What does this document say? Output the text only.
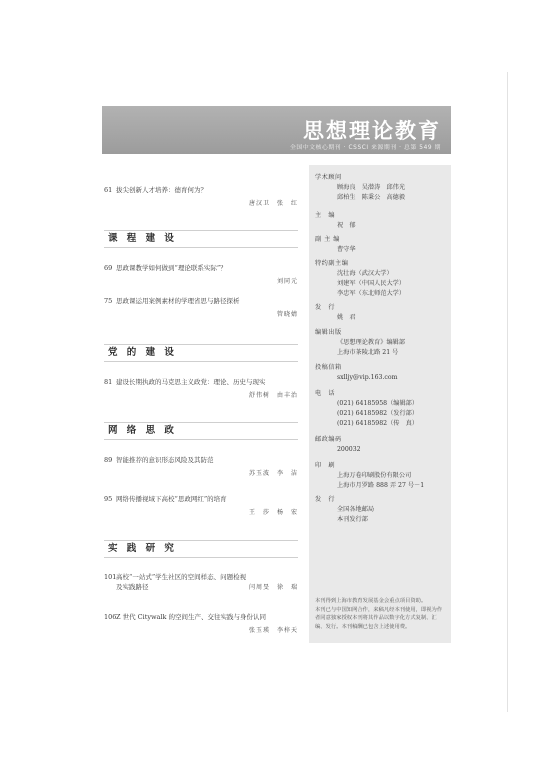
思想理论教育
全国中文核心期刊 · CSSCI 来源期刊 · 总第 549 期
61 拔尖创新人才培养：德育何为？
唐汉卫　张　红
课 程 建 设
69 思政课教学如何做到“理论联系实际”？
刘同元
75 思政课运用案例素材的学理省思与路径探析
管晓婧
党 的 建 设
81 建设长期执政的马克思主义政党：理论、历史与现实
舒伟树　由丰治
网 络 思 政
89 智能推荐的意识形态风险及其防范
苏玉波　李　洁
95 网络传播视域下高校“思政网红”的培育
王　莎　杨　宏
实 践 研 究
101高校“一站式”学生社区的空间样态、问题检视
及实践路径	闫周旻　徐　瑞
106Z 世代 Citywalk 的空间生产、交往实践与身份认同
张玉瑛　李梓天
学术顾问
顾海良　吴潜涛　邱伟光
邱柏生　陈秉公　高德毅
主　编
祝　郁
副 主 编
曹守华
特约副主编
沈壮海（武汉大学）
刘建军（中国人民大学）
李忠军（东北师范大学）
发　行
姚　君
编辑出版
《思想理论教育》编辑部
上海市茶陵北路 21 号
投稿信箱
sxlljy@vip.163.com
电　话
(021) 64185958（编辑部）
(021) 64185982（发行部）
(021) 64185982（传　真）
邮政编码
200032
印　刷
上海万卷印刷股份有限公司
上海市月罗路 888 弄 27 号－1
发　行
全国各地邮局
本刊发行部
本刊得到上海市教育发展基金会重点项目资助。
本刊已与中国知网合作，来稿凡经本刊使用，即视为作者同意独家授权本刊将其作品以数字化方式复制、汇编、发行。本刊稿酬已包含上述使用费。
